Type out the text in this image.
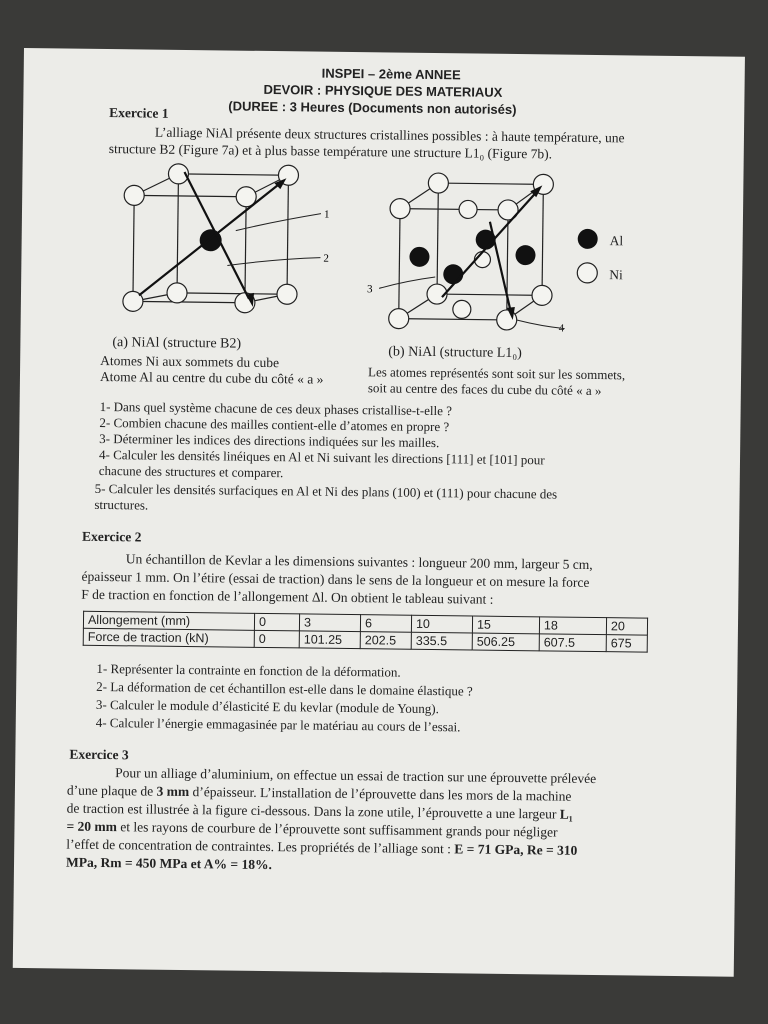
INSPEI – 2ème ANNEE
DEVOIR : PHYSIQUE DES MATERIAUX
(DUREE : 3 Heures (Documents non autorisés)
Exercice 1
L’alliage NiAl présente deux structures cristallines possibles : à haute température, une
structure B2 (Figure 7a) et à plus basse température une structure L1₀ (Figure 7b).
1
2
3
4
Al
Ni
(a) NiAl (structure B2)
Atomes Ni aux sommets du cube
Atome Al au centre du cube du côté « a »
(b) NiAl (structure L1₀)
Les atomes représentés sont soit sur les sommets,
soit au centre des faces du cube du côté « a »
1- Dans quel système chacune de ces deux phases cristallise-t-elle ?
2- Combien chacune des mailles contient-elle d’atomes en propre ?
3- Déterminer les indices des directions indiquées sur les mailles.
4- Calculer les densités linéiques en Al et Ni suivant les directions [111] et [101] pour
chacune des structures et comparer.
5- Calculer les densités surfaciques en Al et Ni des plans (100) et (111) pour chacune des
structures.
Exercice 2
Un échantillon de Kevlar a les dimensions suivantes : longueur 200 mm, largeur 5 cm,
épaisseur 1 mm. On l’étire (essai de traction) dans le sens de la longueur et on mesure la force
F de traction en fonction de l’allongement Δl. On obtient le tableau suivant :
Allongement (mm)	0	3	6	10	15	18	20
Force de traction (kN)	0	101.25	202.5	335.5	506.25	607.5	675
1- Représenter la contrainte en fonction de la déformation.
2- La déformation de cet échantillon est-elle dans le domaine élastique ?
3- Calculer le module d’élasticité E du kevlar (module de Young).
4- Calculer l’énergie emmagasinée par le matériau au cours de l’essai.
Exercice 3
Pour un alliage d’aluminium, on effectue un essai de traction sur une éprouvette prélevée
d’une plaque de 3 mm d’épaisseur. L’installation de l’éprouvette dans les mors de la machine
de traction est illustrée à la figure ci-dessous. Dans la zone utile, l’éprouvette a une largeur L₁
= 20 mm et les rayons de courbure de l’éprouvette sont suffisamment grands pour négliger
l’effet de concentration de contraintes. Les propriétés de l’alliage sont : E = 71 GPa, Re = 310
MPa, Rm = 450 MPa et A% = 18%.
